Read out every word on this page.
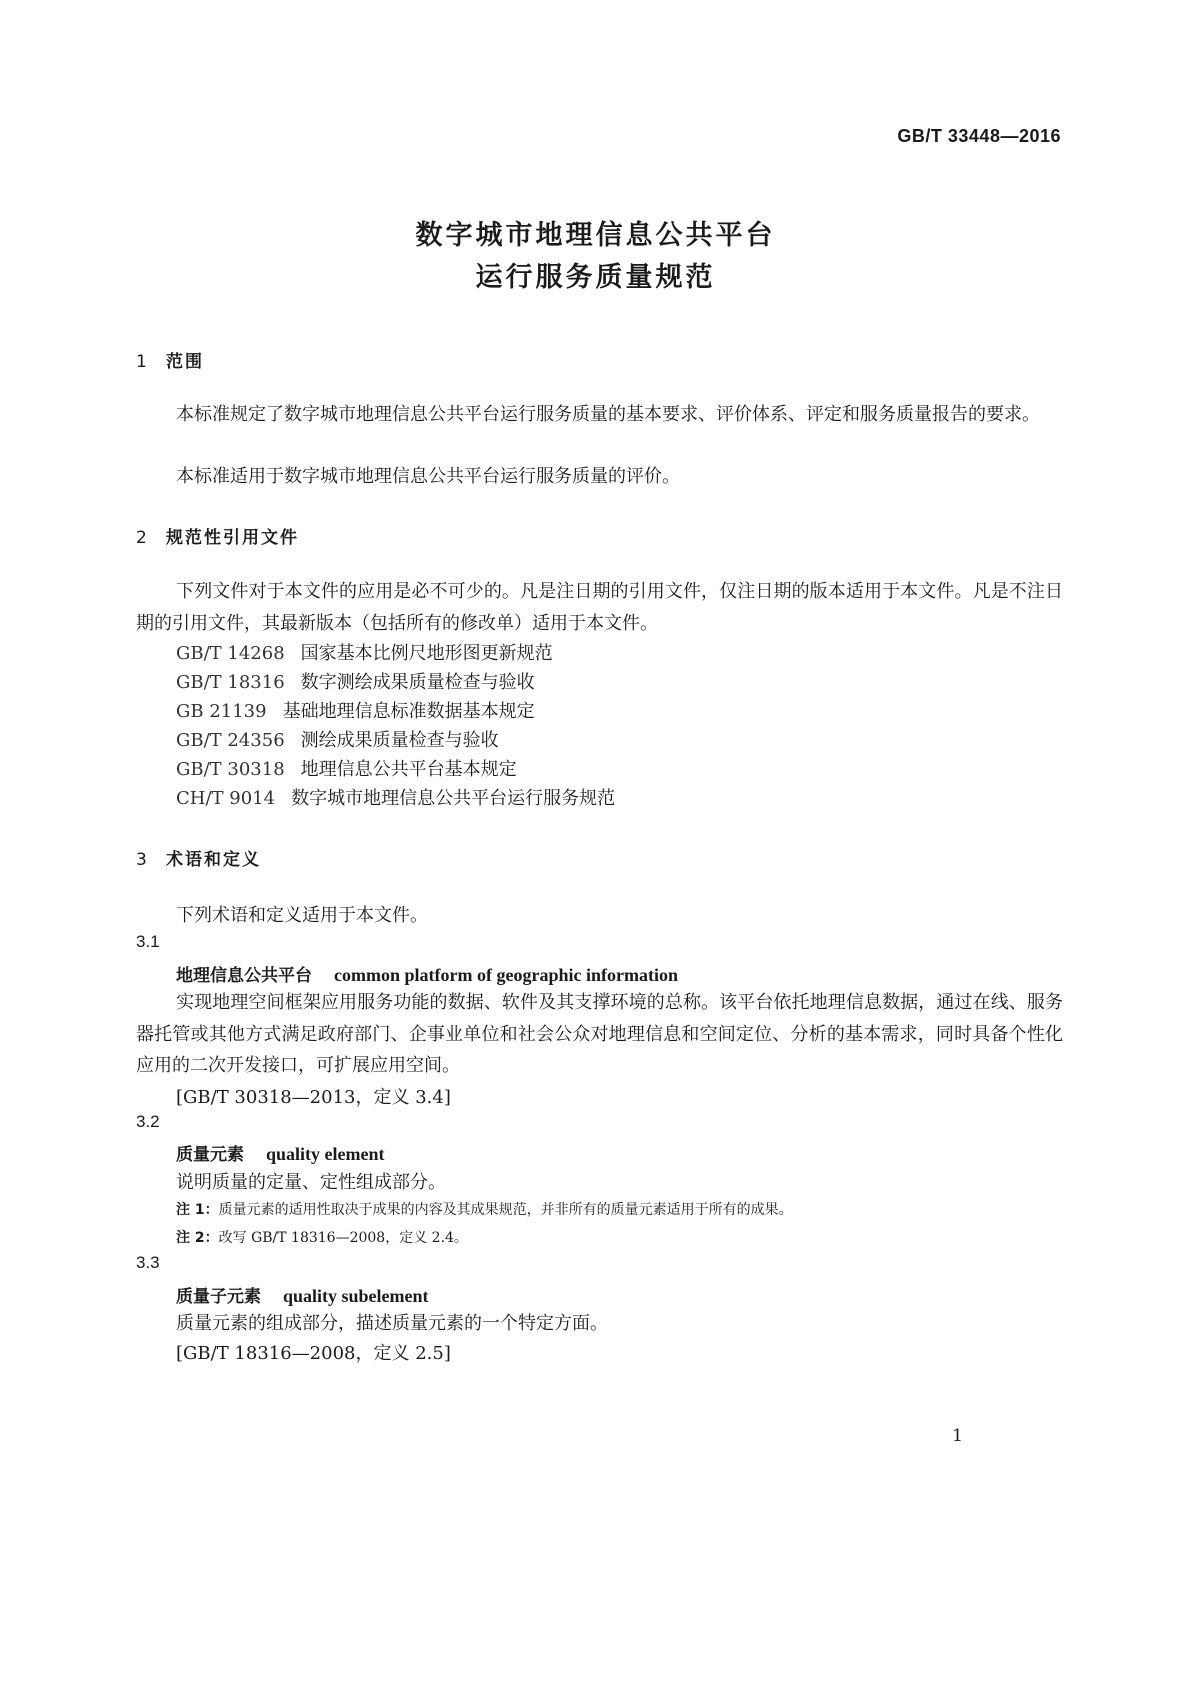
GB/T 33448—2016
数字城市地理信息公共平台
运行服务质量规范
1 范围
本标准规定了数字城市地理信息公共平台运行服务质量的基本要求、评价体系、评定和服务质量报告的要求。
本标准适用于数字城市地理信息公共平台运行服务质量的评价。
2 规范性引用文件
下列文件对于本文件的应用是必不可少的。凡是注日期的引用文件，仅注日期的版本适用于本文件。凡是不注日期的引用文件，其最新版本（包括所有的修改单）适用于本文件。
GB/T 14268 国家基本比例尺地形图更新规范
GB/T 18316 数字测绘成果质量检查与验收
GB 21139 基础地理信息标准数据基本规定
GB/T 24356 测绘成果质量检查与验收
GB/T 30318 地理信息公共平台基本规定
CH/T 9014 数字城市地理信息公共平台运行服务规范
3 术语和定义
下列术语和定义适用于本文件。
3.1
地理信息公共平台 common platform of geographic information
实现地理空间框架应用服务功能的数据、软件及其支撑环境的总称。该平台依托地理信息数据，通过在线、服务器托管或其他方式满足政府部门、企事业单位和社会公众对地理信息和空间定位、分析的基本需求，同时具备个性化应用的二次开发接口，可扩展应用空间。
[GB/T 30318—2013，定义 3.4]
3.2
质量元素 quality element
说明质量的定量、定性组成部分。
注 1：质量元素的适用性取决于成果的内容及其成果规范，并非所有的质量元素适用于所有的成果。
注 2：改写 GB/T 18316—2008，定义 2.4。
3.3
质量子元素 quality subelement
质量元素的组成部分，描述质量元素的一个特定方面。
[GB/T 18316—2008，定义 2.5]
1
